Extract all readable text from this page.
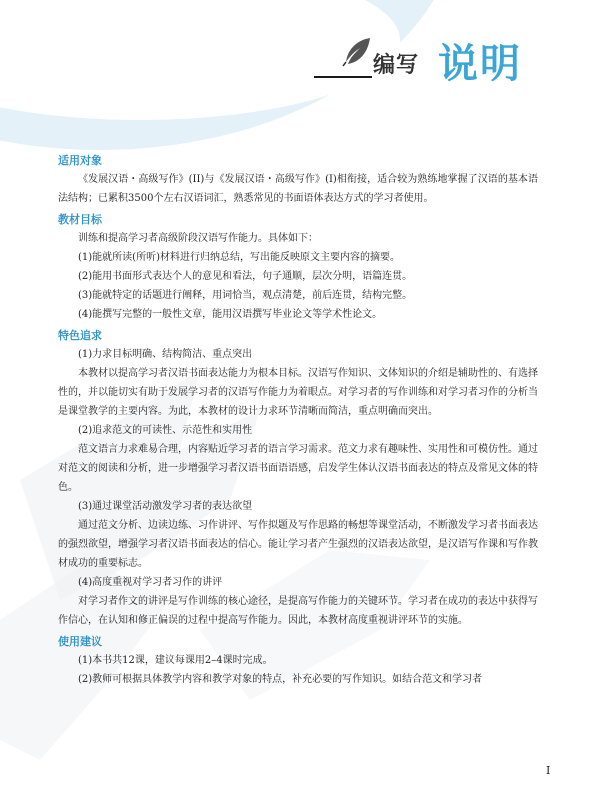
编写 说明
适用对象

《发展汉语・高级写作》(II)与《发展汉语・高级写作》(I)相衔接，适合较为熟练地掌握了汉语的基本语法结构；已累积3500个左右汉语词汇，熟悉常见的书面语体表达方式的学习者使用。

教材目标

训练和提高学习者高级阶段汉语写作能力。具体如下：

(1)能就所读(所听)材料进行归纳总结，写出能反映原文主要内容的摘要。

(2)能用书面形式表达个人的意见和看法，句子通顺，层次分明，语篇连贯。

(3)能就特定的话题进行阐释，用词恰当，观点清楚，前后连贯，结构完整。

(4)能撰写完整的一般性文章，能用汉语撰写毕业论文等学术性论文。

特色追求

(1)力求目标明确、结构简洁、重点突出

本教材以提高学习者汉语书面表达能力为根本目标。汉语写作知识、文体知识的介绍是辅助性的、有选择性的，并以能切实有助于发展学习者的汉语写作能力为着眼点。对学习者的写作训练和对学习者习作的分析当是课堂教学的主要内容。为此，本教材的设计力求环节清晰而简洁，重点明确而突出。

(2)追求范文的可读性、示范性和实用性

范文语言力求难易合理，内容贴近学习者的语言学习需求。范文力求有趣味性、实用性和可模仿性。通过对范文的阅读和分析，进一步增强学习者汉语书面语语感，启发学生体认汉语书面表达的特点及常见文体的特色。

(3)通过课堂活动激发学习者的表达欲望

通过范文分析、边读边练、习作讲评、写作拟题及写作思路的畅想等课堂活动，不断激发学习者书面表达的强烈欲望，增强学习者汉语书面表达的信心。能让学习者产生强烈的汉语表达欲望，是汉语写作课和写作教材成功的重要标志。

(4)高度重视对学习者习作的讲评

对学习者作文的讲评是写作训练的核心途径，是提高写作能力的关键环节。学习者在成功的表达中获得写作信心，在认知和修正偏误的过程中提高写作能力。因此，本教材高度重视讲评环节的实施。

使用建议

(1)本书共12课，建议每课用2–4课时完成。

(2)教师可根据具体教学内容和教学对象的特点，补充必要的写作知识。如结合范文和学习者

I
